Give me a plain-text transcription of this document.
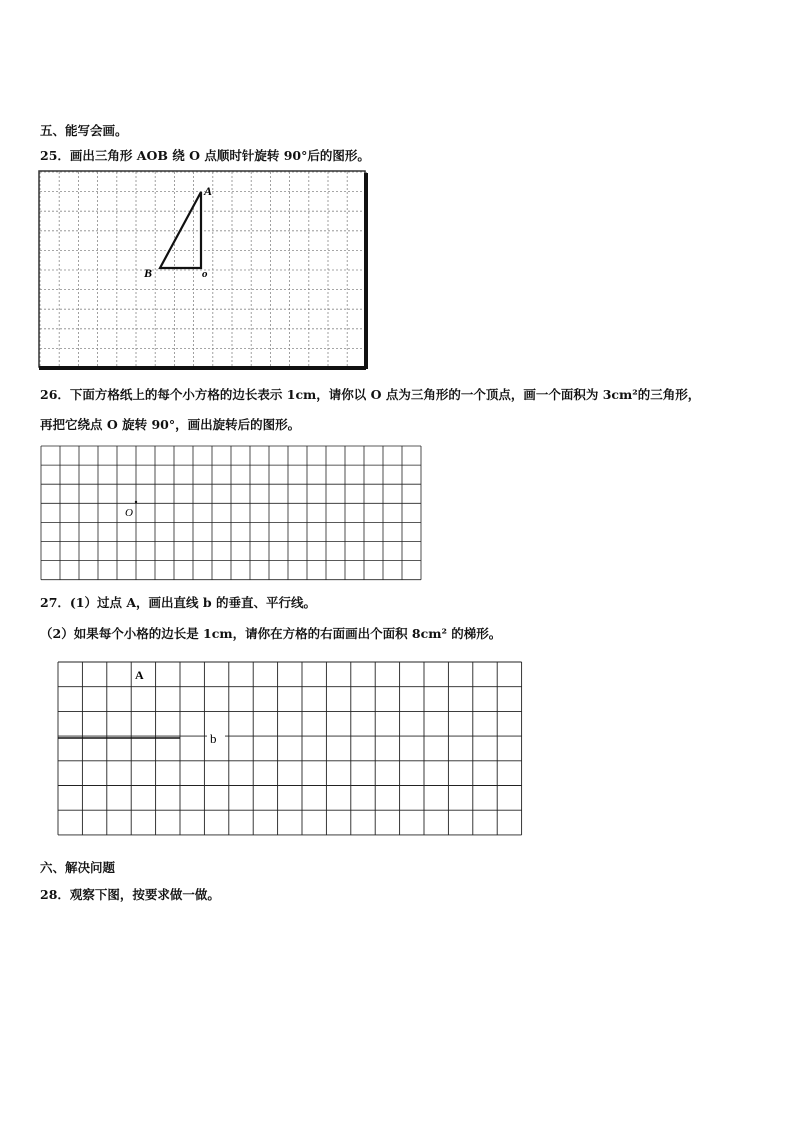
五、能写会画。
25．画出三角形 AOB 绕 O 点顺时针旋转 90°后的图形。
A
B	o
26．下面方格纸上的每个小方格的边长表示 1cm，请你以 O 点为三角形的一个顶点，画一个面积为 3cm²的三角形，
再把它绕点 O 旋转 90°，画出旋转后的图形。
O
27．(1）过点 A，画出直线 b 的垂直、平行线。
（2）如果每个小格的边长是 1cm，请你在方格的右面画出个面积 8cm² 的梯形。
b
A
六、解决问题
28．观察下图，按要求做一做。
